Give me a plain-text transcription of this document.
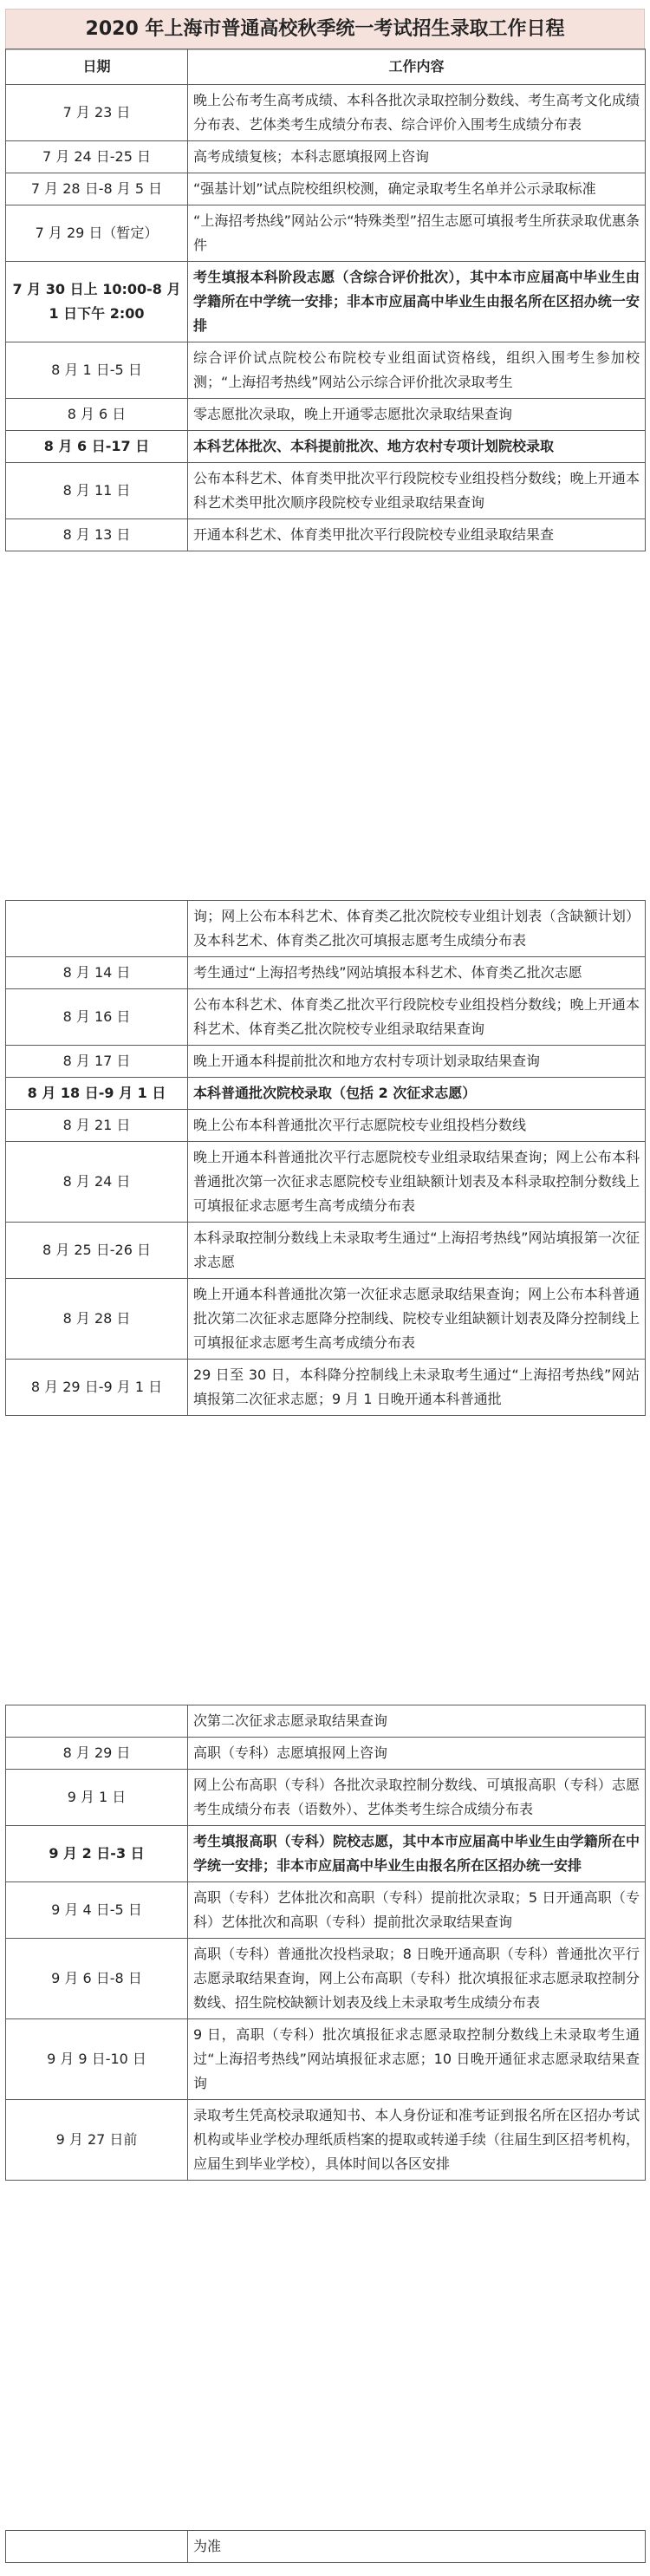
2020 年上海市普通高校秋季统一考试招生录取工作日程
日期	工作内容
7 月 23 日	晚上公布考生高考成绩、本科各批次录取控制分数线、考生高考文化成绩分布表、艺体类考生成绩分布表、综合评价入围考生成绩分布表
7 月 24 日-25 日	高考成绩复核；本科志愿填报网上咨询
7 月 28 日-8 月 5 日	“强基计划”试点院校组织校测，确定录取考生名单并公示录取标准
7 月 29 日（暂定）	“上海招考热线”网站公示“特殊类型”招生志愿可填报考生所获录取优惠条件
7 月 30 日上 10:00-8 月 1 日下午 2:00	考生填报本科阶段志愿（含综合评价批次），其中本市应届高中毕业生由学籍所在中学统一安排；非本市应届高中毕业生由报名所在区招办统一安排
8 月 1 日-5 日	综合评价试点院校公布院校专业组面试资格线，组织入围考生参加校测；“上海招考热线”网站公示综合评价批次录取考生
8 月 6 日	零志愿批次录取，晚上开通零志愿批次录取结果查询
8 月 6 日-17 日	本科艺体批次、本科提前批次、地方农村专项计划院校录取
8 月 11 日	公布本科艺术、体育类甲批次平行段院校专业组投档分数线；晚上开通本科艺术类甲批次顺序段院校专业组录取结果查询
8 月 13 日	开通本科艺术、体育类甲批次平行段院校专业组录取结果查
	询；网上公布本科艺术、体育类乙批次院校专业组计划表（含缺额计划）及本科艺术、体育类乙批次可填报志愿考生成绩分布表
8 月 14 日	考生通过“上海招考热线”网站填报本科艺术、体育类乙批次志愿
8 月 16 日	公布本科艺术、体育类乙批次平行段院校专业组投档分数线；晚上开通本科艺术、体育类乙批次院校专业组录取结果查询
8 月 17 日	晚上开通本科提前批次和地方农村专项计划录取结果查询
8 月 18 日-9 月 1 日	本科普通批次院校录取（包括 2 次征求志愿）
8 月 21 日	晚上公布本科普通批次平行志愿院校专业组投档分数线
8 月 24 日	晚上开通本科普通批次平行志愿院校专业组录取结果查询；网上公布本科普通批次第一次征求志愿院校专业组缺额计划表及本科录取控制分数线上可填报征求志愿考生高考成绩分布表
8 月 25 日-26 日	本科录取控制分数线上未录取考生通过“上海招考热线”网站填报第一次征求志愿
8 月 28 日	晚上开通本科普通批次第一次征求志愿录取结果查询；网上公布本科普通批次第二次征求志愿降分控制线、院校专业组缺额计划表及降分控制线上可填报征求志愿考生高考成绩分布表
8 月 29 日-9 月 1 日	29 日至 30 日，本科降分控制线上未录取考生通过“上海招考热线”网站填报第二次征求志愿；9 月 1 日晚开通本科普通批
	次第二次征求志愿录取结果查询
8 月 29 日	高职（专科）志愿填报网上咨询
9 月 1 日	网上公布高职（专科）各批次录取控制分数线、可填报高职（专科）志愿考生成绩分布表（语数外）、艺体类考生综合成绩分布表
9 月 2 日-3 日	考生填报高职（专科）院校志愿，其中本市应届高中毕业生由学籍所在中学统一安排；非本市应届高中毕业生由报名所在区招办统一安排
9 月 4 日-5 日	高职（专科）艺体批次和高职（专科）提前批次录取；5 日开通高职（专科）艺体批次和高职（专科）提前批次录取结果查询
9 月 6 日-8 日	高职（专科）普通批次投档录取；8 日晚开通高职（专科）普通批次平行志愿录取结果查询，网上公布高职（专科）批次填报征求志愿录取控制分数线、招生院校缺额计划表及线上未录取考生成绩分布表
9 月 9 日-10 日	9 日，高职（专科）批次填报征求志愿录取控制分数线上未录取考生通过“上海招考热线”网站填报征求志愿；10 日晚开通征求志愿录取结果查询
9 月 27 日前	录取考生凭高校录取通知书、本人身份证和准考证到报名所在区招办考试机构或毕业学校办理纸质档案的提取或转递手续（往届生到区招考机构，应届生到毕业学校），具体时间以各区安排
	为准
